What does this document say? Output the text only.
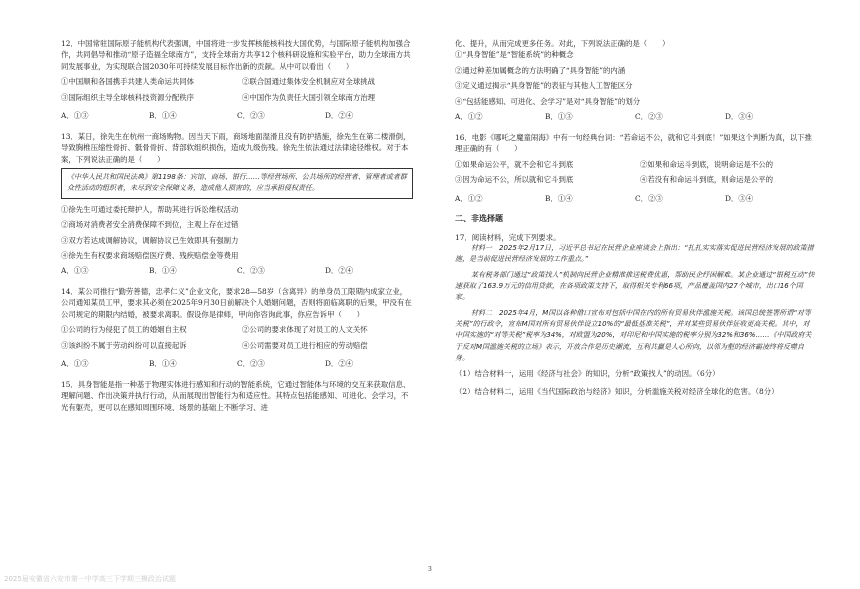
12．中国常驻国际原子能机构代表强调，中国将进一步发挥核能核科技大国优势，与国际原子能机构加强合作，共同倡导和推动“原子造福全球南方”，支持全球南方共享12个核科研设施和实验平台，助力全球南方共同发展事业，为实现联合国2030年可持续发展目标作出新的贡献。从中可以看出（　　）
①中国顺和各国携手共建人类命运共同体	②联合国通过集体安全机制应对全球挑战
③国际组织主导全球核科技资源分配秩序	④中国作为负责任大国引领全球南方治理
A．①③	B．①④	C．②③	D．②④
13．某日，徐先生在杭州一商场购物。因当天下雨，商场地面湿滑且没有防护措施，徐先生在第二楼滑倒，导致胸椎压缩性骨折、骶骨骨折、背部软组织损伤，造成九级伤残。徐先生依法通过法律途径维权。对于本案，下列说法正确的是（　　）
《中华人民共和国民法典》第1198条：宾馆、商场、银行……等经营场所、公共场所的经营者、管理者或者群众性活动的组织者，未尽到安全保障义务，造成他人损害的，应当承担侵权责任。
①徐先生可通过委托辩护人，帮助其进行诉讼维权活动
②商场对消费者安全消费保障不到位，主观上存在过错
③双方若达成调解协议，调解协议已生效即具有强制力
④徐先生有权要求商场赔偿医疗费、残疾赔偿金等费用
A．①③	B．①④	C．②③	D．②④
14．某公司推行“勤劳善德，忠孝仁义”企业文化，要求28—58岁（含离异）的单身员工限期内成家立业，公司通知某员工甲，要求其必须在2025年9月30日前解决个人婚姻问题，否则将面临离职的后果，甲没有在公司规定的期限内结婚，被要求离职。假设你是律师，甲向你咨询此事，你应告诉甲（　　）
①公司的行为侵犯了员工的婚姻自主权	②公司的要求体现了对员工的人文关怀
③该纠纷不属于劳动纠纷可以直接起诉	④公司需要对员工进行相应的劳动赔偿
A．①③	B．①④	C．②③	D．②④
15．具身智能是指一种基于物理实体进行感知和行动的智能系统，它通过智能体与环境的交互来获取信息、理解问题、作出决策并执行行动，从而展现出智能行为和适应性。其特点包括能感知、可进化、会学习，不光有躯壳，更可以在感知周围环境、场景的基础上不断学习、进
化、提升，从而完成更多任务。对此，下列说法正确的是（　　）
①“具身智能”是“智能系统”的种概念
②通过种差加属概念的方法明确了“具身智能”的内涵
③定义通过揭示“具身智能”的表征与其他人工智能区分
④“包括能感知、可进化、会学习”是对“具身智能”的划分
A．①②	B．①③	C．②③	D．③④
16．电影《哪吒之魔童闹海》中有一句经典台词：“若命运不公，就和它斗到底！”如果这个判断为真，以下推理正确的有（　　）
①如果命运公平，就不会和它斗到底	②如果和命运斗到底，说明命运是不公的
③因为命运不公，所以就和它斗到底	④若没有和命运斗到底，则命运是公平的
A．①②	B．①④	C．②③	D．③④
二、非选择题
17．阅读材料，完成下列要求。
材料一　2025年2月17日，习近平总书记在民营企业座谈会上指出：“扎扎实实落实促进民营经济发展的政策措施，是当前促进民营经济发展的工作重点。”
某有税务部门通过“政策找人”机制向民营企业精准推送税费优惠，帮助民企纾困解难。某企业通过“银税互动”快速获取了163.9万元的信用贷款，在各项政策支持下，取得相关专利66项，产品覆盖国内27个城市，出口16个国家。
材料二　2025年4月，M国以各种借口宣布对包括中国在内的所有贸易伙伴滥施关税。该国总统签署所谓“对等关税”的行政令，宣布M国对所有贸易伙伴设立10%的“最低基准关税”，并对某些贸易伙伴征收更高关税。其中，对中国实施的“对等关税”税率为34%，对欧盟为20%，对印尼和中国实施的税率分别为32%和36%……《中国政府关于反对M国滥施关税的立场》表示，开放合作是历史潮流，互利共赢是人心所向，以邻为壑的经济霸凌终将反噬自身。
（1）结合材料一，运用《经济与社会》的知识，分析“政策找人”的动因。（6分）
（2）结合材料二，运用《当代国际政治与经济》知识，分析滥施关税对经济全球化的危害。（8分）
3
2025届安徽省六安市第一中学高三下学期三模政治试题
